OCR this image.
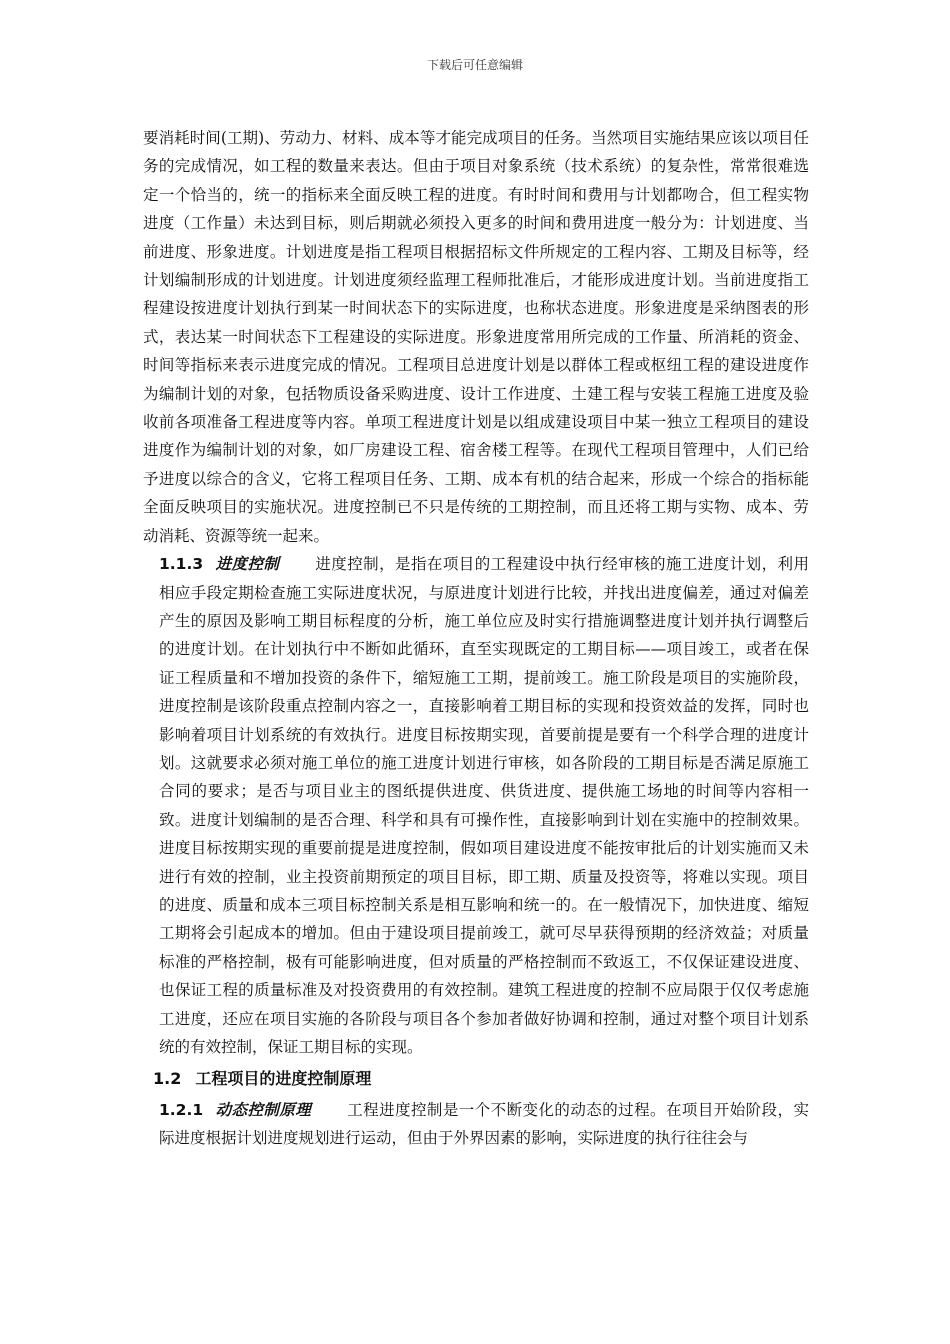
下载后可任意编辑

要消耗时间(工期)、劳动力、材料、成本等才能完成项目的任务。当然项目实施结果应该以项目任务的完成情况，如工程的数量来表达。但由于项目对象系统（技术系统）的复杂性，常常很难选定一个恰当的，统一的指标来全面反映工程的进度。有时时间和费用与计划都吻合，但工程实物进度（工作量）未达到目标，则后期就必须投入更多的时间和费用进度一般分为：计划进度、当前进度、形象进度。计划进度是指工程项目根据招标文件所规定的工程内容、工期及目标等，经计划编制形成的计划进度。计划进度须经监理工程师批准后，才能形成进度计划。当前进度指工程建设按进度计划执行到某一时间状态下的实际进度，也称状态进度。形象进度是采纳图表的形式，表达某一时间状态下工程建设的实际进度。形象进度常用所完成的工作量、所消耗的资金、时间等指标来表示进度完成的情况。工程项目总进度计划是以群体工程或枢纽工程的建设进度作为编制计划的对象，包括物质设备采购进度、设计工作进度、土建工程与安装工程施工进度及验收前各项准备工程进度等内容。单项工程进度计划是以组成建设项目中某一独立工程项目的建设进度作为编制计划的对象，如厂房建设工程、宿舍楼工程等。在现代工程项目管理中，人们已给予进度以综合的含义，它将工程项目任务、工期、成本有机的结合起来，形成一个综合的指标能全面反映项目的实施状况。进度控制已不只是传统的工期控制，而且还将工期与实物、成本、劳动消耗、资源等统一起来。

1.1.3 进度控制 进度控制，是指在项目的工程建设中执行经审核的施工进度计划，利用相应手段定期检查施工实际进度状况，与原进度计划进行比较，并找出进度偏差，通过对偏差产生的原因及影响工期目标程度的分析，施工单位应及时实行措施调整进度计划并执行调整后的进度计划。在计划执行中不断如此循环，直至实现既定的工期目标——项目竣工，或者在保证工程质量和不增加投资的条件下，缩短施工工期，提前竣工。施工阶段是项目的实施阶段，进度控制是该阶段重点控制内容之一，直接影响着工期目标的实现和投资效益的发挥，同时也影响着项目计划系统的有效执行。进度目标按期实现，首要前提是要有一个科学合理的进度计划。这就要求必须对施工单位的施工进度计划进行审核，如各阶段的工期目标是否满足原施工合同的要求；是否与项目业主的图纸提供进度、供货进度、提供施工场地的时间等内容相一致。进度计划编制的是否合理、科学和具有可操作性，直接影响到计划在实施中的控制效果。进度目标按期实现的重要前提是进度控制，假如项目建设进度不能按审批后的计划实施而又未进行有效的控制，业主投资前期预定的项目目标，即工期、质量及投资等，将难以实现。项目的进度、质量和成本三项目标控制关系是相互影响和统一的。在一般情况下，加快进度、缩短工期将会引起成本的增加。但由于建设项目提前竣工，就可尽早获得预期的经济效益；对质量标准的严格控制，极有可能影响进度，但对质量的严格控制而不致返工，不仅保证建设进度、也保证工程的质量标准及对投资费用的有效控制。建筑工程进度的控制不应局限于仅仅考虑施工进度，还应在项目实施的各阶段与项目各个参加者做好协调和控制，通过对整个项目计划系统的有效控制，保证工期目标的实现。

1.2 工程项目的进度控制原理

1.2.1 动态控制原理 工程进度控制是一个不断变化的动态的过程。在项目开始阶段，实际进度根据计划进度规划进行运动，但由于外界因素的影响，实际进度的执行往往会与
